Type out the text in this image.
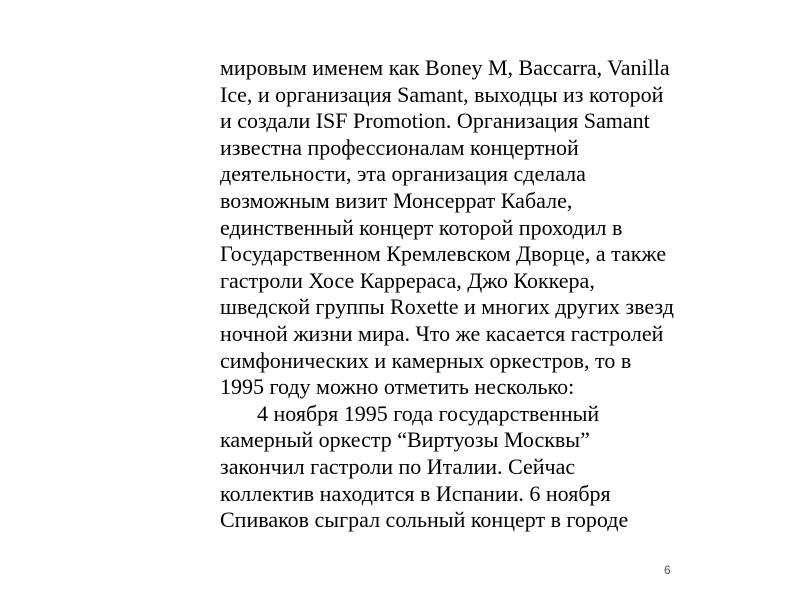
мировым именем как Boney M, Baccarra, Vanilla
Ice, и организация Samant, выходцы из которой
и создали ISF Promotion. Организация Samant
известна профессионалам концертной
деятельности, эта организация сделала
возможным визит Монсеррат Кабале,
единственный концерт которой проходил в
Государственном Кремлевском Дворце, а также
гастроли Хосе Каррераса, Джо Коккера,
шведской группы Roxette и многих других звезд
ночной жизни мира. Что же касается гастролей
симфонических и камерных оркестров, то в
1995 году можно отметить несколько:
4 ноября 1995 года государственный
камерный оркестр “Виртуозы Москвы”
закончил гастроли по Италии. Сейчас
коллектив находится в Испании. 6 ноября
Спиваков сыграл сольный концерт в городе
6
